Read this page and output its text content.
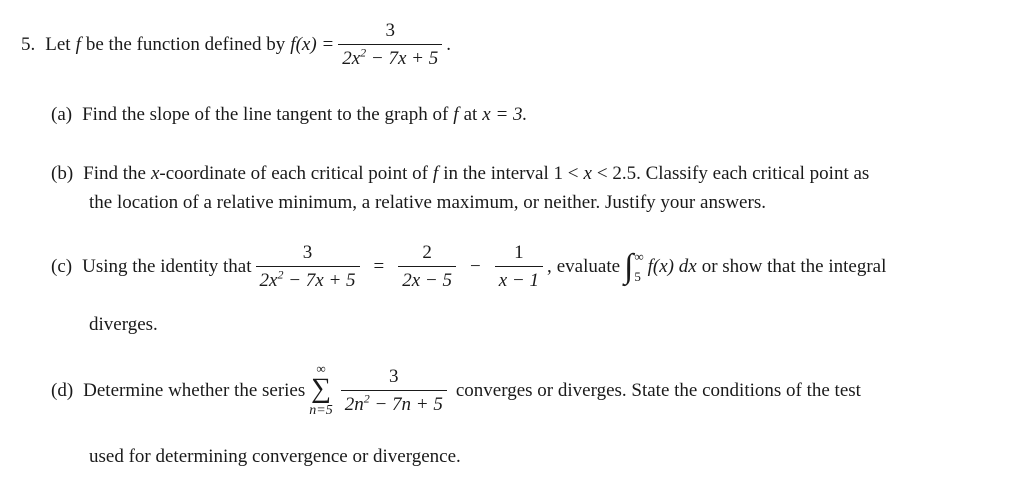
5. Let f be the function defined by $f(x) = \frac{3}{2x^2 - 7x + 5}$ .
(a) Find the slope of the line tangent to the graph of f at x = 3.
(b) Find the x -coordinate of each critical point of f in the interval 1 < x < 2.5. Classify each critical point as
the location of a relative minimum, a relative maximum, or neither. Justify your answers.
(c) Using the identity that $\frac{3}{2x^2 - 7x + 5} = \frac{2}{2x - 5} - \frac{1}{x - 1}$ , evaluate ∫ ∞
5 f(x) dx or show that the integral
diverges.
(d) Determine whether the series
∞
∑
$n=5 \frac{3}{2n^2 - 7n + 5}$ converges or diverges. State the conditions of the test
used for determining convergence or divergence.
